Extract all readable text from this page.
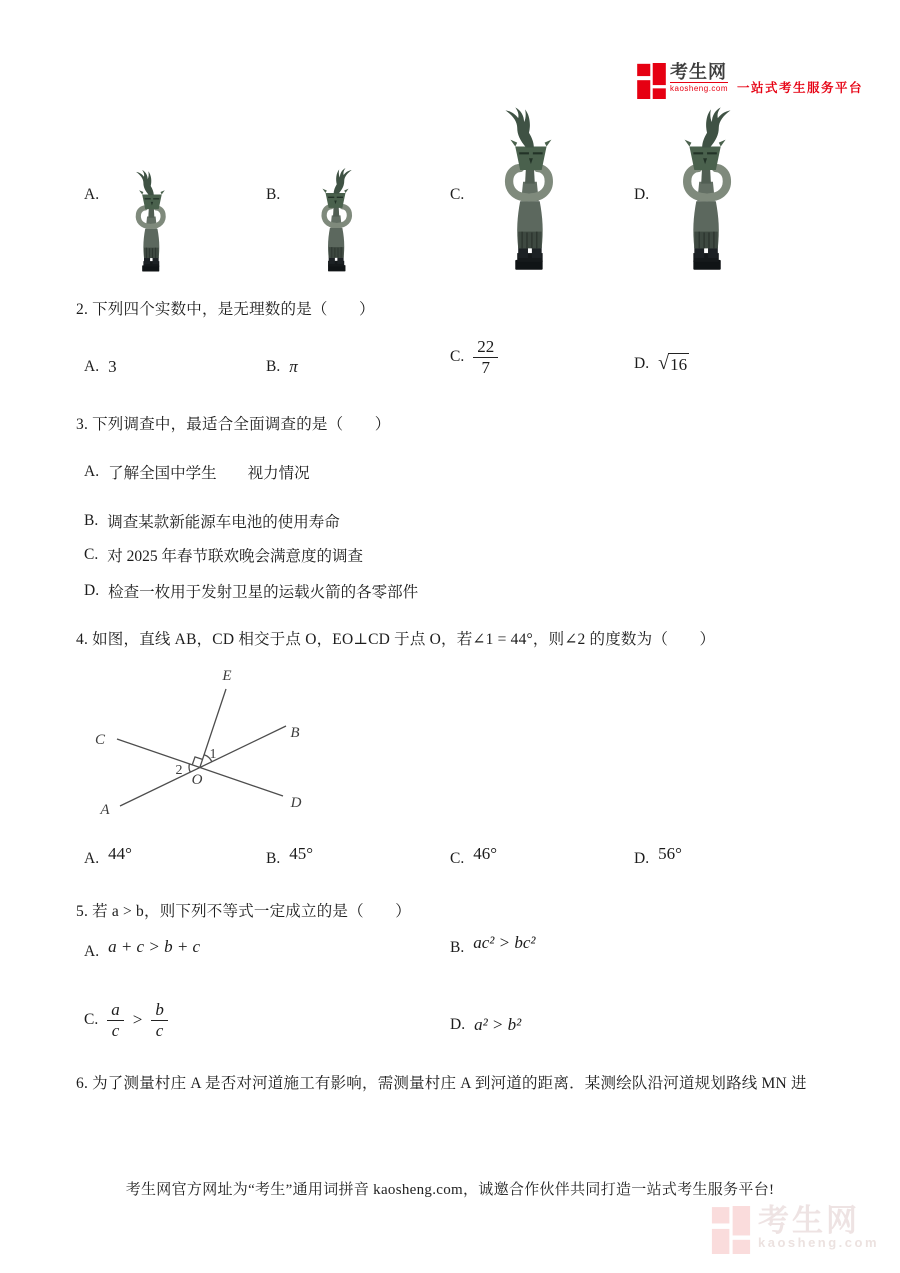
考生网
kaosheng.com 一站式考生服务平台
A.	B.	C.	D.
2. 下列四个实数中，是无理数的是（　　）
A. 3	B. π
C. $\frac{22}{7}$	D. √ 16
3. 下列调查中，最适合全面调查的是（　　）
A. 了解全国中学生　　视力情况
B. 调查某款新能源车电池的使用寿命
C. 对 2025 年春节联欢晚会满意度的调查
D. 检查一枚用于发射卫星的运载火箭的各零部件
4. 如图，直线 AB，CD 相交于点 O，EO⊥CD 于点 O，若∠1 = 44°，则∠2 的度数为（　　）
E
B
C
A	D
O
1
2
A. 44°	B. 45°	C. 46°	D. 56°
5. 若 a > b，则下列不等式一定成立的是（　　）
A. a + c > b + c	B. ac² > bc²
C. $\frac{a}{c} > \frac{b}{c}$	D. a² > b²
6. 为了测量村庄 A 是否对河道施工有影响，需测量村庄 A 到河道的距离．某测绘队沿河道规划路线 MN 进
考生网官方网址为“考生”通用词拼音 kaosheng.com，诚邀合作伙伴共同打造一站式考生服务平台!
考生网
kaosheng.com
